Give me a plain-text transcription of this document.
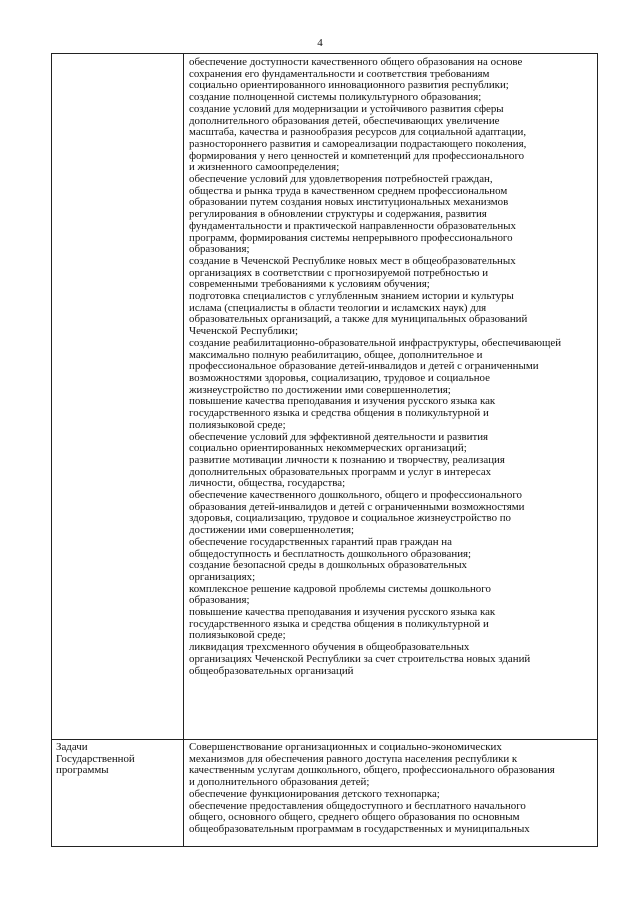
4
обеспечение доступности качественного общего образования на основе
сохранения его фундаментальности и соответствия требованиям
социально ориентированного инновационного развития республики;
создание полноценной системы поликультурного образования;
создание условий для модернизации и устойчивого развития сферы
дополнительного образования детей, обеспечивающих увеличение
масштаба, качества и разнообразия ресурсов для социальной адаптации,
разностороннего развития и самореализации подрастающего поколения,
формирования у него ценностей и компетенций для профессионального
и жизненного самоопределения;
обеспечение условий для удовлетворения потребностей граждан,
общества и рынка труда в качественном среднем профессиональном
образовании путем создания новых институциональных механизмов
регулирования в обновлении структуры и содержания, развития
фундаментальности и практической направленности образовательных
программ, формирования системы непрерывного профессионального
образования;
создание в Чеченской Республике новых мест в общеобразовательных
организациях в соответствии с прогнозируемой потребностью и
современными требованиями к условиям обучения;
подготовка специалистов с углубленным знанием истории и культуры
ислама (специалисты в области теологии и исламских наук) для
образовательных организаций, а также для муниципальных образований
Чеченской Республики;
создание реабилитационно-образовательной инфраструктуры, обеспечивающей
максимально полную реабилитацию, общее, дополнительное и
профессиональное образование детей-инвалидов и детей с ограниченными
возможностями здоровья, социализацию, трудовое и социальное
жизнеустройство по достижении ими совершеннолетия;
повышение качества преподавания и изучения русского языка как
государственного языка и средства общения в поликультурной и
полиязыковой среде;
обеспечение условий для эффективной деятельности и развития
социально ориентированных некоммерческих организаций;
развитие мотивации личности к познанию и творчеству, реализация
дополнительных образовательных программ и услуг в интересах
личности, общества, государства;
обеспечение качественного дошкольного, общего и профессионального
образования детей-инвалидов и детей с ограниченными возможностями
здоровья, социализацию, трудовое и социальное жизнеустройство по
достижении ими совершеннолетия;
обеспечение государственных гарантий прав граждан на
общедоступность и бесплатность дошкольного образования;
создание безопасной среды в дошкольных образовательных
организациях;
комплексное решение кадровой проблемы системы дошкольного
образования;
повышение качества преподавания и изучения русского языка как
государственного языка и средства общения в поликультурной и
полиязыковой среде;
ликвидация трехсменного обучения в общеобразовательных
организациях Чеченской Республики за счет строительства новых зданий
общеобразовательных организаций
Задачи
Государственной
программы
Совершенствование организационных и социально-экономических
механизмов для обеспечения равного доступа населения республики к
качественным услугам дошкольного, общего, профессионального образования
и дополнительного образования детей;
обеспечение функционирования детского технопарка;
обеспечение предоставления общедоступного и бесплатного начального
общего, основного общего, среднего общего образования по основным
общеобразовательным программам в государственных и муниципальных
